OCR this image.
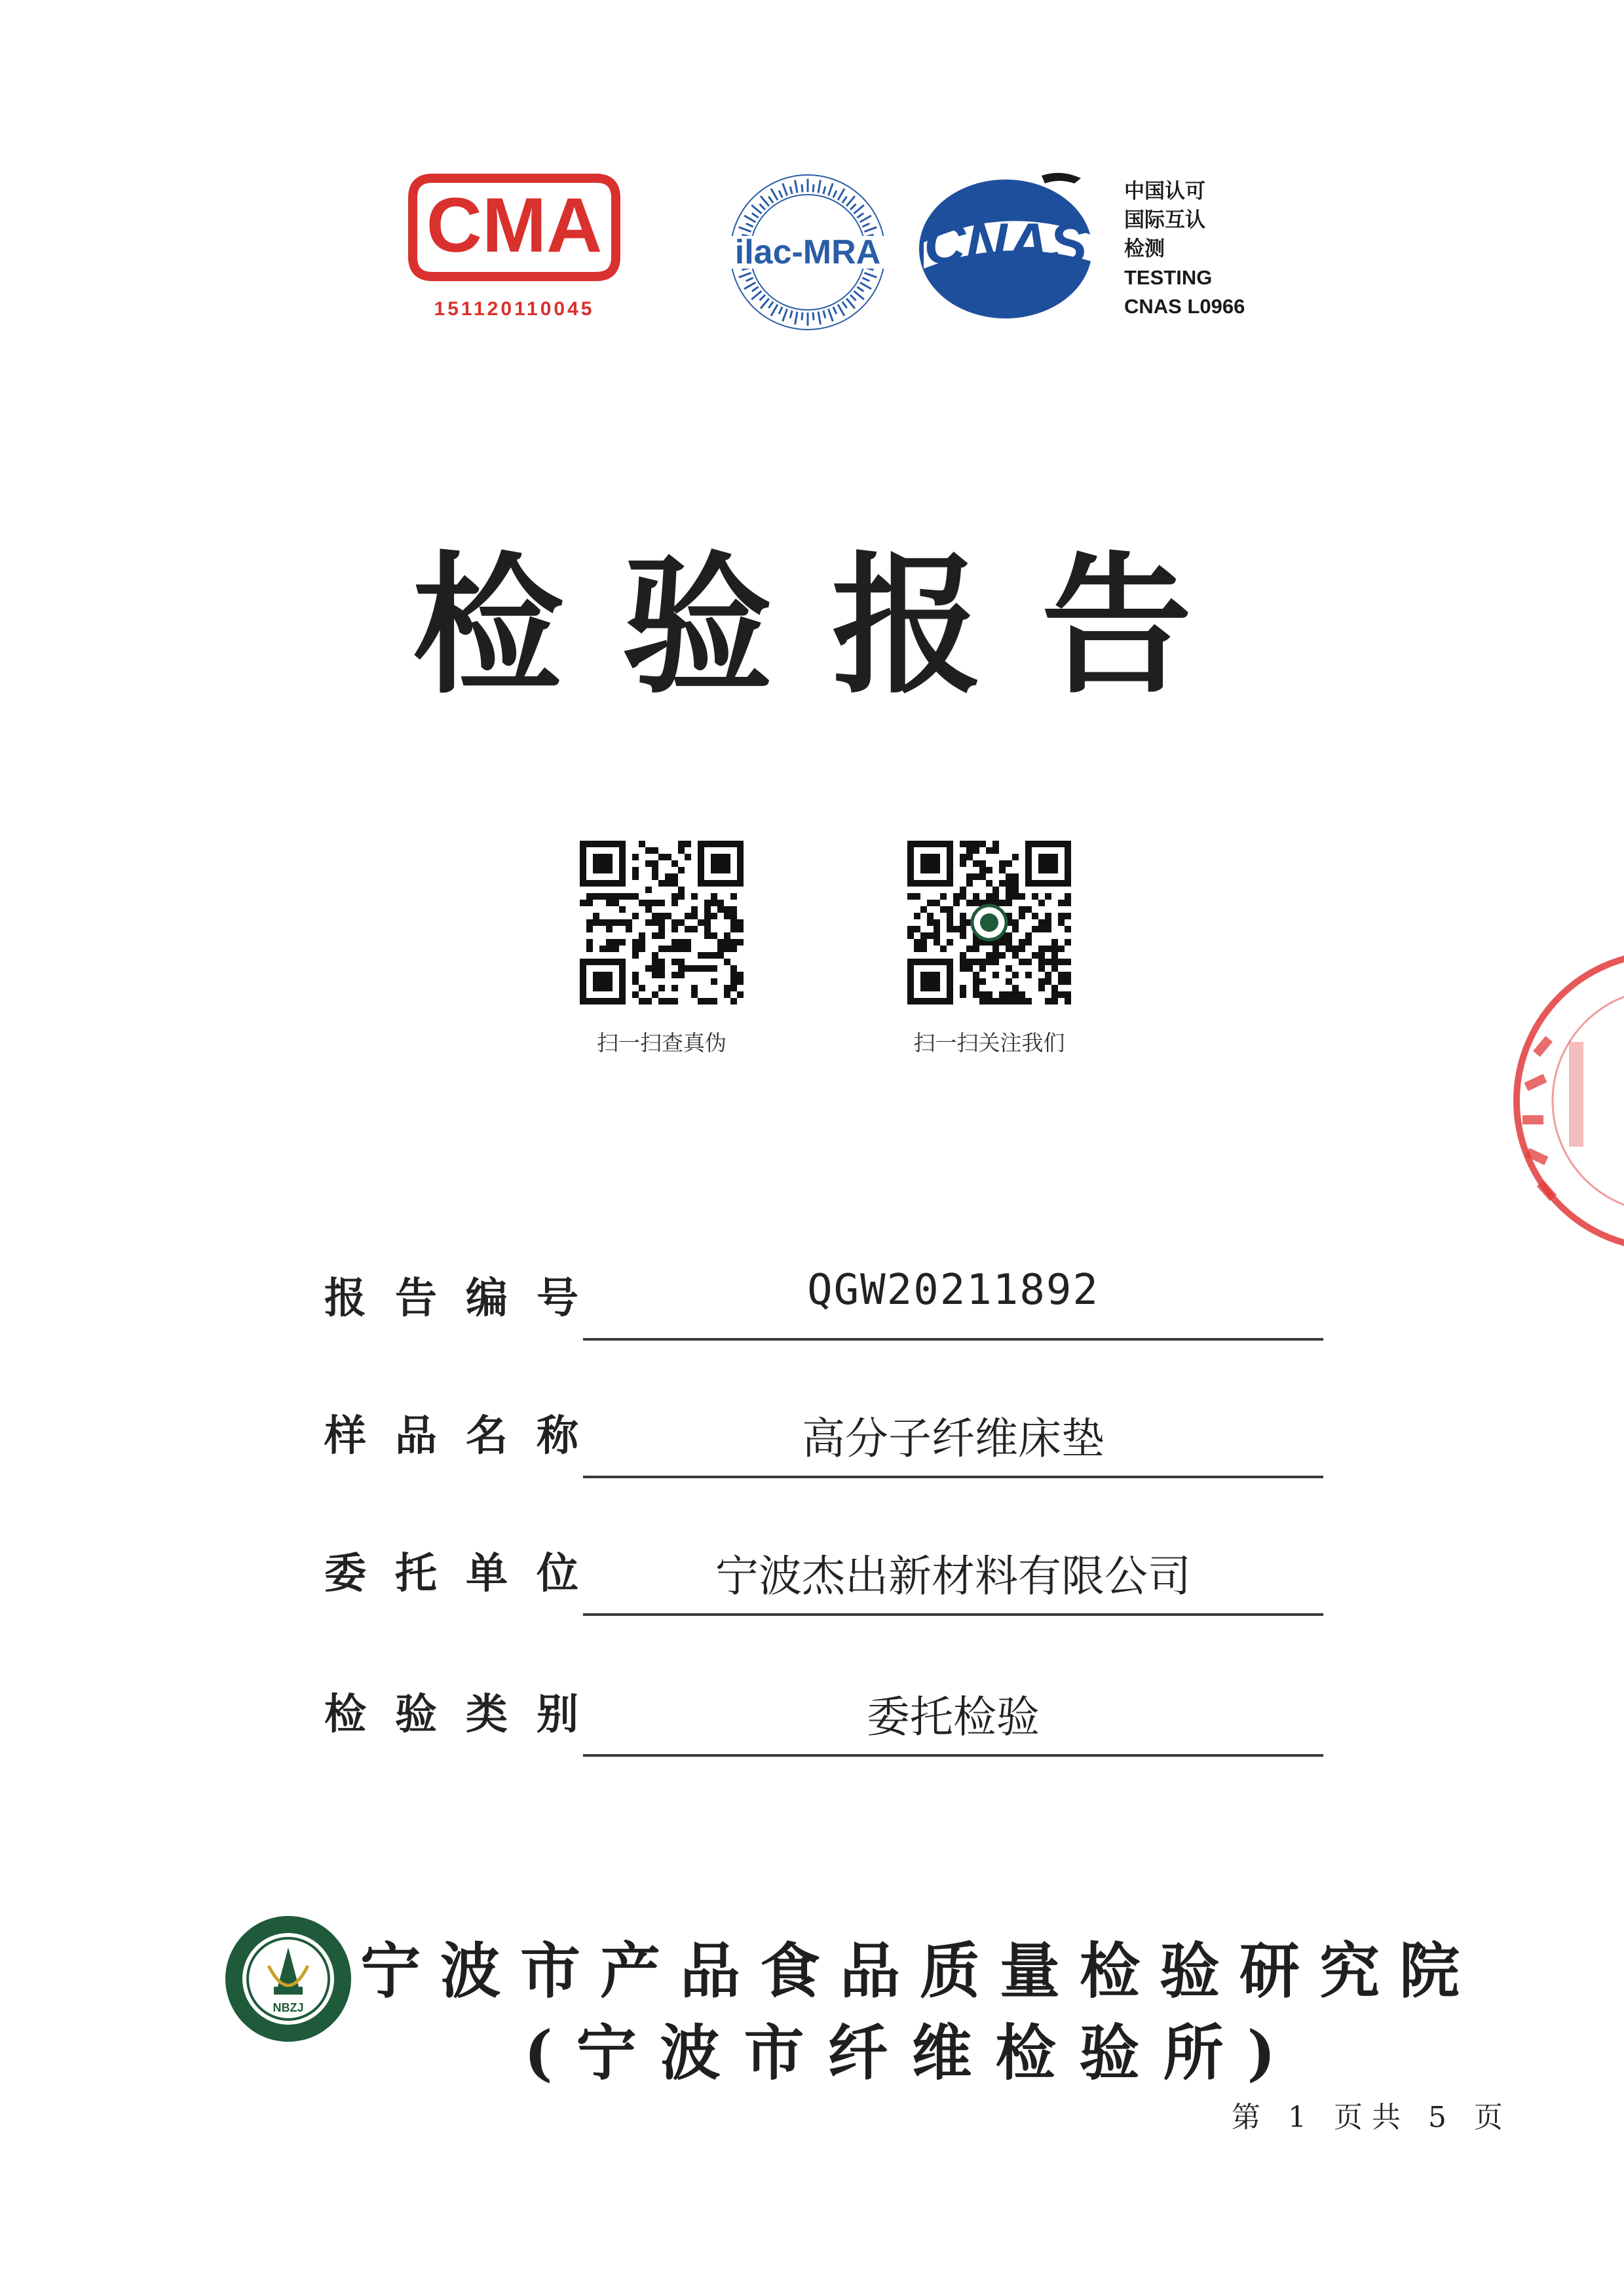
CMA
151120110045
ilac-MRA CNAS
中国认可
国际互认
检测
TESTING
CNAS L0966
检验报告
扫一扫查真伪	扫一扫关注我们
报告编号	QGW20211892
样品名称	高分子纤维床垫
委托单位	宁波杰出新材料有限公司
检验类别	委托检验
NBZJ
宁波市产品食品质量检验研究院
(宁波市纤维检验所)
第 1 页共 5 页
